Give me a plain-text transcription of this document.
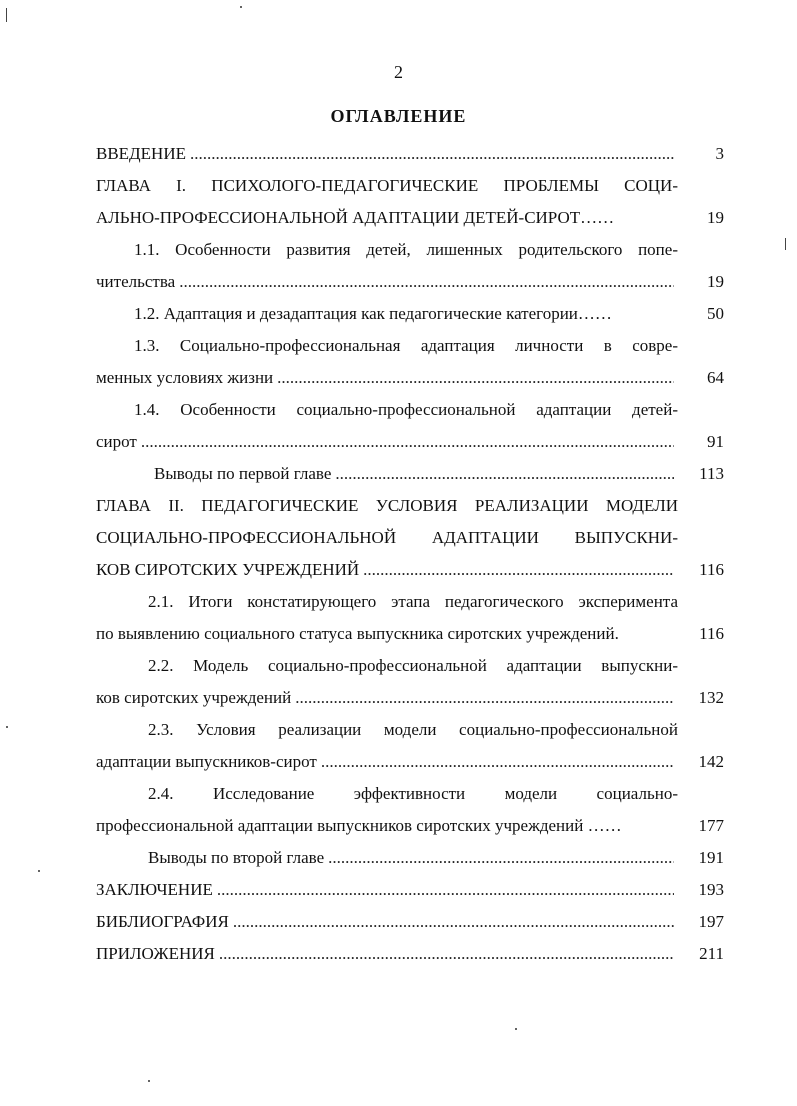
2
ОГЛАВЛЕНИЕ
ВВЕДЕНИЕ .....	3
ГЛАВА I. ПСИХОЛОГО-ПЕДАГОГИЧЕСКИЕ ПРОБЛЕМЫ СОЦИ-
АЛЬНО-ПРОФЕССИОНАЛЬНОЙ АДАПТАЦИИ ДЕТЕЙ-СИРОТ……	19
1.1. Особенности развития детей, лишенных родительского попе-
чительства .....	19
1.2. Адаптация и дезадаптация как педагогические категории……	50
1.3. Социально-профессиональная адаптация личности в совре-
менных условиях жизни .....	64
1.4. Особенности социально-профессиональной адаптации детей-
сирот .....	91
Выводы по первой главе .....	113
ГЛАВА II. ПЕДАГОГИЧЕСКИЕ УСЛОВИЯ РЕАЛИЗАЦИИ МОДЕЛИ
СОЦИАЛЬНО-ПРОФЕССИОНАЛЬНОЙ АДАПТАЦИИ ВЫПУСКНИ-
КОВ СИРОТСКИХ УЧРЕЖДЕНИЙ .....	116
2.1. Итоги констатирующего этапа педагогического эксперимента
по выявлению социального статуса выпускника сиротских учреждений.	116
2.2. Модель социально-профессиональной адаптации выпускни-
ков сиротских учреждений .....	132
2.3. Условия реализации модели социально-профессиональной
адаптации выпускников-сирот .....	142
2.4. Исследование эффективности модели социально-
профессиональной адаптации выпускников сиротских учреждений ……	177
Выводы по второй главе .....	191
ЗАКЛЮЧЕНИЕ .....	193
БИБЛИОГРАФИЯ .....	197
ПРИЛОЖЕНИЯ .....	211
